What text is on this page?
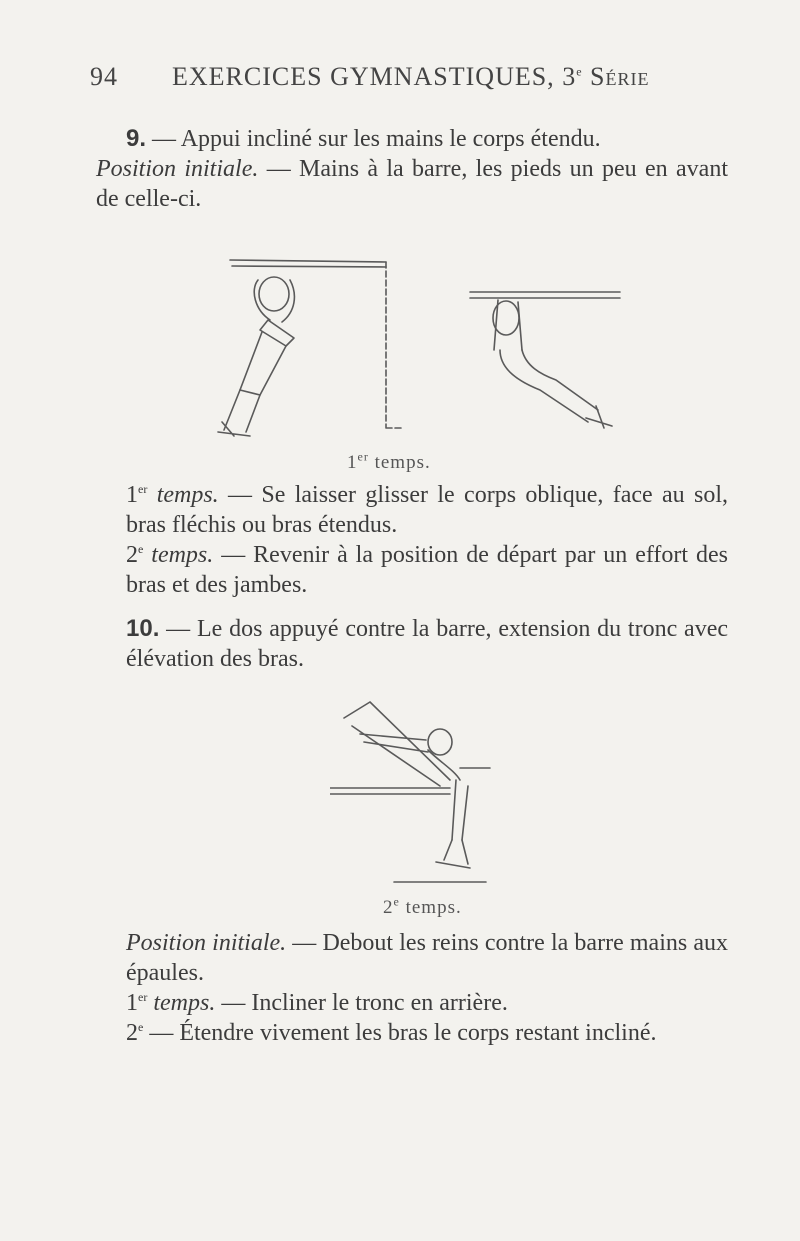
94 EXERCICES GYMNASTIQUES, 3e Série
9. — Appui incliné sur les mains le corps étendu.
Position initiale. — Mains à la barre, les pieds un peu en avant de celle-ci.
1er temps.
1er temps. — Se laisser glisser le corps oblique, face au sol, bras fléchis ou bras étendus.
2e temps. — Revenir à la position de départ par un effort des bras et des jambes.
10. — Le dos appuyé contre la barre, extension du tronc avec élévation des bras.
2e temps.
Position initiale. — Debout les reins contre la barre mains aux épaules.
1er temps. — Incliner le tronc en arrière.
2e — Étendre vivement les bras le corps restant incliné.
